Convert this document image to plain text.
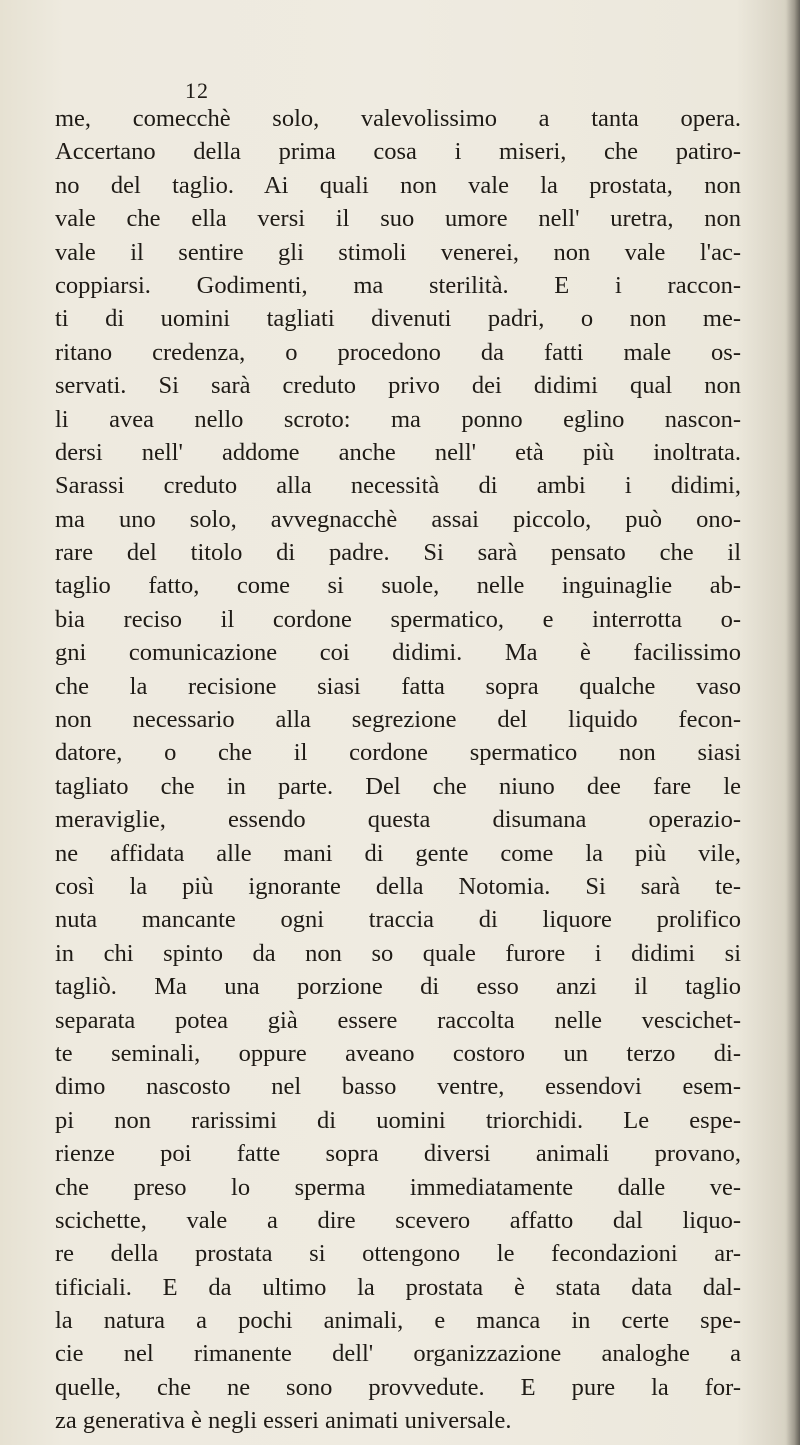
12
me, comecchè solo, valevolissimo a tanta opera.
Accertano della prima cosa i miseri, che patiro-
no del taglio. Ai quali non vale la prostata, non
vale che ella versi il suo umore nell' uretra, non
vale il sentire gli stimoli venerei, non vale l'ac-
coppiarsi. Godimenti, ma sterilità. E i raccon-
ti di uomini tagliati divenuti padri, o non me-
ritano credenza, o procedono da fatti male os-
servati. Si sarà creduto privo dei didimi qual non
li avea nello scroto: ma ponno eglino nascon-
dersi nell' addome anche nell' età più inoltrata.
Sarassi creduto alla necessità di ambi i didimi,
ma uno solo, avvegnacchè assai piccolo, può ono-
rare del titolo di padre. Si sarà pensato che il
taglio fatto, come si suole, nelle inguinaglie ab-
bia reciso il cordone spermatico, e interrotta o-
gni comunicazione coi didimi. Ma è facilissimo
che la recisione siasi fatta sopra qualche vaso
non necessario alla segrezione del liquido fecon-
datore, o che il cordone spermatico non siasi
tagliato che in parte. Del che niuno dee fare le
meraviglie, essendo questa disumana operazio-
ne affidata alle mani di gente come la più vile,
così la più ignorante della Notomia. Si sarà te-
nuta mancante ogni traccia di liquore prolifico
in chi spinto da non so quale furore i didimi si
tagliò. Ma una porzione di esso anzi il taglio
separata potea già essere raccolta nelle vescichet-
te seminali, oppure aveano costoro un terzo di-
dimo nascosto nel basso ventre, essendovi esem-
pi non rarissimi di uomini triorchidi. Le espe-
rienze poi fatte sopra diversi animali provano,
che preso lo sperma immediatamente dalle ve-
scichette, vale a dire scevero affatto dal liquo-
re della prostata si ottengono le fecondazioni ar-
tificiali. E da ultimo la prostata è stata data dal-
la natura a pochi animali, e manca in certe spe-
cie nel rimanente dell' organizzazione analoghe a
quelle, che ne sono provvedute. E pure la for-
za generativa è negli esseri animati universale.
